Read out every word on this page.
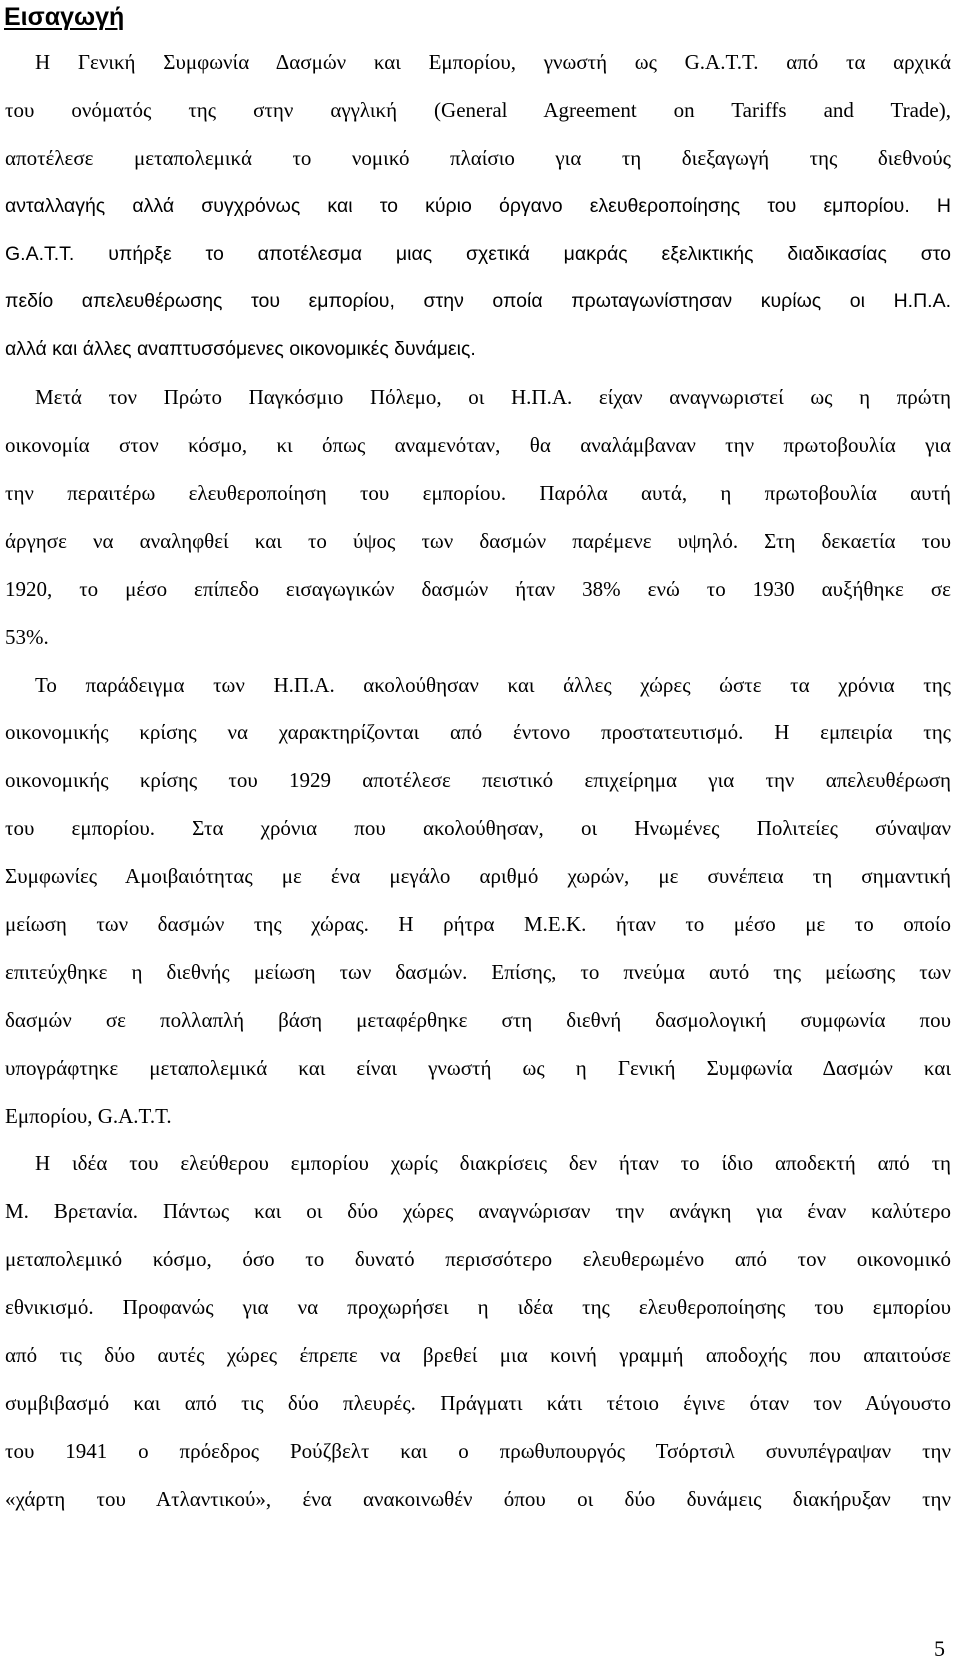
Εισαγωγή
Η Γενική Συμφωνία Δασμών και Εμπορίου, γνωστή ως G.A.T.T. από τα αρχικά
του ονόματός της στην αγγλική (General Agreement on Tariffs and Trade),
αποτέλεσε μεταπολεμικά το νομικό πλαίσιο για τη διεξαγωγή της διεθνούς
ανταλλαγής αλλά συγχρόνως και το κύριο όργανο ελευθεροποίησης του εμπορίου. Η
G.A.T.T. υπήρξε το αποτέλεσμα μιας σχετικά μακράς εξελικτικής διαδικασίας στο
πεδίο απελευθέρωσης του εμπορίου, στην οποία πρωταγωνίστησαν κυρίως οι Η.Π.Α.
αλλά και άλλες αναπτυσσόμενες οικονομικές δυνάμεις.
Μετά τον Πρώτο Παγκόσμιο Πόλεμο, οι Η.Π.Α. είχαν αναγνωριστεί ως η πρώτη
οικονομία στον κόσμο, κι όπως αναμενόταν, θα αναλάμβαναν την πρωτοβουλία για
την περαιτέρω ελευθεροποίηση του εμπορίου. Παρόλα αυτά, η πρωτοβουλία αυτή
άργησε να αναληφθεί και το ύψος των δασμών παρέμενε υψηλό. Στη δεκαετία του
1920, το μέσο επίπεδο εισαγωγικών δασμών ήταν 38% ενώ το 1930 αυξήθηκε σε
53%.
Το παράδειγμα των Η.Π.Α. ακολούθησαν και άλλες χώρες ώστε τα χρόνια της
οικονομικής κρίσης να χαρακτηρίζονται από έντονο προστατευτισμό. Η εμπειρία της
οικονομικής κρίσης του 1929 αποτέλεσε πειστικό επιχείρημα για την απελευθέρωση
του εμπορίου. Στα χρόνια που ακολούθησαν, οι Ηνωμένες Πολιτείες σύναψαν
Συμφωνίες Αμοιβαιότητας με ένα μεγάλο αριθμό χωρών, με συνέπεια τη σημαντική
μείωση των δασμών της χώρας. Η ρήτρα Μ.Ε.Κ. ήταν το μέσο με το οποίο
επιτεύχθηκε η διεθνής μείωση των δασμών. Επίσης, το πνεύμα αυτό της μείωσης των
δασμών σε πολλαπλή βάση μεταφέρθηκε στη διεθνή δασμολογική συμφωνία που
υπογράφτηκε μεταπολεμικά και είναι γνωστή ως η Γενική Συμφωνία Δασμών και
Εμπορίου, G.A.T.T.
Η ιδέα του ελεύθερου εμπορίου χωρίς διακρίσεις δεν ήταν το ίδιο αποδεκτή από τη
Μ. Βρετανία. Πάντως και οι δύο χώρες αναγνώρισαν την ανάγκη για έναν καλύτερο
μεταπολεμικό κόσμο, όσο το δυνατό περισσότερο ελευθερωμένο από τον οικονομικό
εθνικισμό. Προφανώς για να προχωρήσει η ιδέα της ελευθεροποίησης του εμπορίου
από τις δύο αυτές χώρες έπρεπε να βρεθεί μια κοινή γραμμή αποδοχής που απαιτούσε
συμβιβασμό και από τις δύο πλευρές. Πράγματι κάτι τέτοιο έγινε όταν τον Αύγουστο
του 1941 ο πρόεδρος Ρούζβελτ και ο πρωθυπουργός Τσόρτσιλ συνυπέγραψαν την
«χάρτη του Ατλαντικού», ένα ανακοινωθέν όπου οι δύο δυνάμεις διακήρυξαν την
5
